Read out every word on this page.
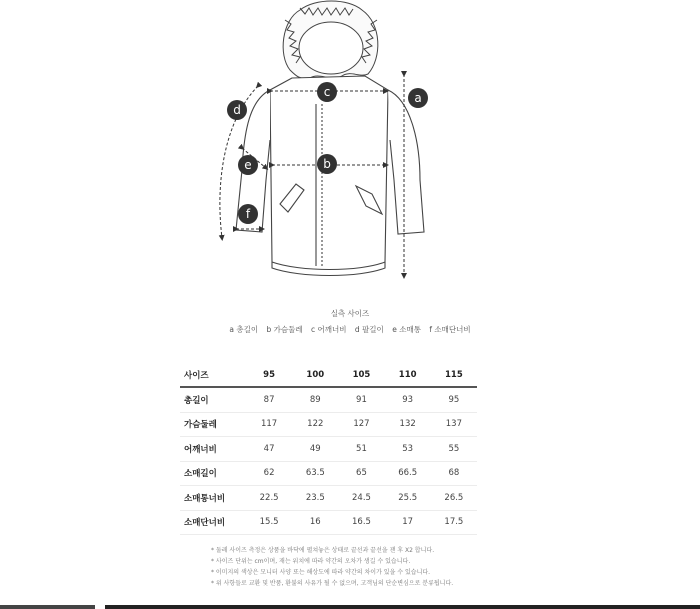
a
b
c
d
e
f
실측 사이즈
a 총길이 b 가슴둘레 c 어깨너비 d 팔길이 e 소매통 f 소매단너비
사이즈	95	100	105	110	115
총길이	87	89	91	93	95
가슴둘레	117	122	127	132	137
어깨너비	47	49	51	53	55
소매길이	62	63.5	65	66.5	68
소매통너비	22.5	23.5	24.5	25.5	26.5
소매단너비	15.5	16	16.5	17	17.5
* 둘레 사이즈 측정은 상품을 바닥에 펼쳐놓은 상태로 끝선과 끝선을 잰 후 X2 합니다.
* 사이즈 단위는 cm이며, 재는 위치에 따라 약간의 오차가 생길 수 있습니다.
* 이미지의 색상은 모니터 사양 또는 해상도에 따라 약간의 차이가 있을 수 있습니다.
* 위 사항들로 교환 및 반품, 환불의 사유가 될 수 없으며, 고객님의 단순변심으로 분류됩니다.
